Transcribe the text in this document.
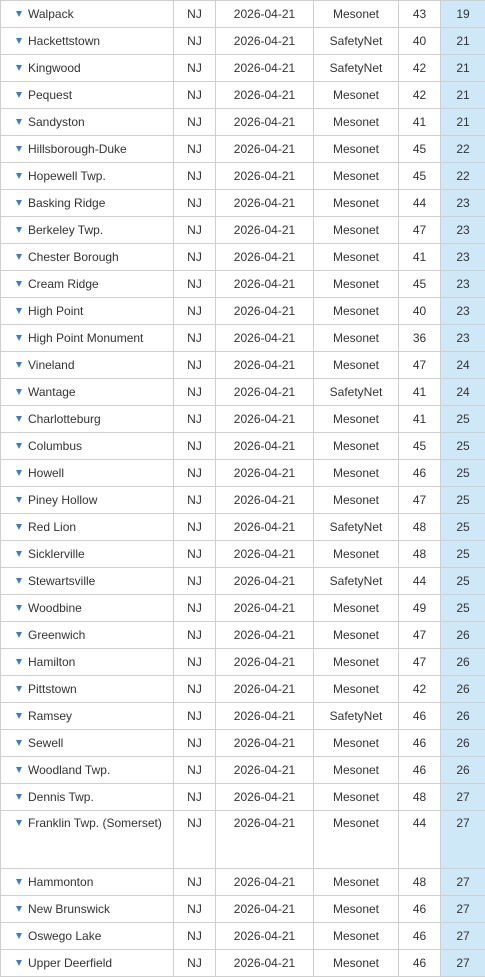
Walpack	NJ	2026-04-21	Mesonet	43	19
Hackettstown	NJ	2026-04-21	SafetyNet	40	21
Kingwood	NJ	2026-04-21	SafetyNet	42	21
Pequest	NJ	2026-04-21	Mesonet	42	21
Sandyston	NJ	2026-04-21	Mesonet	41	21
Hillsborough-Duke	NJ	2026-04-21	Mesonet	45	22
Hopewell Twp.	NJ	2026-04-21	Mesonet	45	22
Basking Ridge	NJ	2026-04-21	Mesonet	44	23
Berkeley Twp.	NJ	2026-04-21	Mesonet	47	23
Chester Borough	NJ	2026-04-21	Mesonet	41	23
Cream Ridge	NJ	2026-04-21	Mesonet	45	23
High Point	NJ	2026-04-21	Mesonet	40	23
High Point Monument	NJ	2026-04-21	Mesonet	36	23
Vineland	NJ	2026-04-21	Mesonet	47	24
Wantage	NJ	2026-04-21	SafetyNet	41	24
Charlotteburg	NJ	2026-04-21	Mesonet	41	25
Columbus	NJ	2026-04-21	Mesonet	45	25
Howell	NJ	2026-04-21	Mesonet	46	25
Piney Hollow	NJ	2026-04-21	Mesonet	47	25
Red Lion	NJ	2026-04-21	SafetyNet	48	25
Sicklerville	NJ	2026-04-21	Mesonet	48	25
Stewartsville	NJ	2026-04-21	SafetyNet	44	25
Woodbine	NJ	2026-04-21	Mesonet	49	25
Greenwich	NJ	2026-04-21	Mesonet	47	26
Hamilton	NJ	2026-04-21	Mesonet	47	26
Pittstown	NJ	2026-04-21	Mesonet	42	26
Ramsey	NJ	2026-04-21	SafetyNet	46	26
Sewell	NJ	2026-04-21	Mesonet	46	26
Woodland Twp.	NJ	2026-04-21	Mesonet	46	26
Dennis Twp.	NJ	2026-04-21	Mesonet	48	27
Franklin Twp. (Somerset)	NJ	2026-04-21	Mesonet	44	27
Hammonton	NJ	2026-04-21	Mesonet	48	27
New Brunswick	NJ	2026-04-21	Mesonet	46	27
Oswego Lake	NJ	2026-04-21	Mesonet	46	27
Upper Deerfield	NJ	2026-04-21	Mesonet	46	27
